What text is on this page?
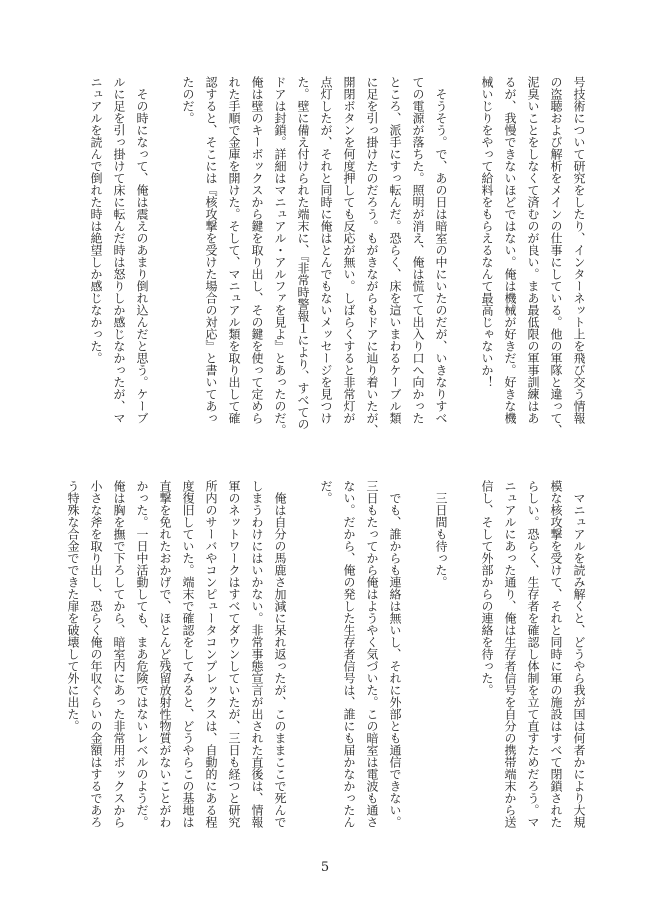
号技術について研究をしたり、インターネット上を飛び交う情報
の盗聴および解析をメインの仕事にしている。他の軍隊と違って、
泥臭いことをしなくて済むのが良い。まあ最低限の軍事訓練はあ
るが、我慢できないほどではない。俺は機械が好きだ。好きな機
械いじりをやって給料をもらえるなんて最高じゃないか！
　そうそう。で、あの日は暗室の中にいたのだが、いきなりすべ
ての電源が落ちた。照明が消え、俺は慌てて出入り口へ向かった
ところ、派手にすっ転んだ。恐らく、床を這いまわるケーブル類
に足を引っ掛けたのだろう。もがきながらもドアに辿り着いたが、
開閉ボタンを何度押しても反応が無い。しばらくすると非常灯が
点灯したが、それと同時に俺はとんでもないメッセージを見つけ
た。壁に備え付けられた端末に、『非常時警報１により、すべての
ドアは封鎖。詳細はマニュアル・アルファを見よ』とあったのだ。
俺は壁のキーボックスから鍵を取り出し、その鍵を使って定めら
れた手順で金庫を開けた。そして、マニュアル類を取り出して確
認すると、そこには『核攻撃を受けた場合の対応』と書いてあっ
たのだ。
　その時になって、俺は震えのあまり倒れ込んだと思う。ケーブ
ルに足を引っ掛けて床に転んだ時は怒りしか感じなかったが、マ
ニュアルを読んで倒れた時は絶望しか感じなかった。
　マニュアルを読み解くと、どうやら我が国は何者かにより大規
模な核攻撃を受けて、それと同時に軍の施設はすべて閉鎖された
らしい。恐らく、生存者を確認し体制を立て直すためだろう。マ
ニュアルにあった通り、俺は生存者信号を自分の携帯端末から送
信し、そして外部からの連絡を待った。
　三日間も待った。
　でも、誰からも連絡は無いし、それに外部とも通信できない。
三日もたってから俺はようやく気づいた。この暗室は電波も通さ
ない。だから、俺の発した生存者信号は、誰にも届かなかったん
だ。
　俺は自分の馬鹿さ加減に呆れ返ったが、このままここで死んで
しまうわけにはいかない。非常事態宣言が出された直後は、情報
軍のネットワークはすべてダウンしていたが、三日も経つと研究
所内のサーバやコンピュータコンプレックスは、自動的にある程
度復旧していた。端末で確認をしてみると、どうやらこの基地は
直撃を免れたおかげで、ほとんど残留放射性物質がないことがわ
かった。一日中活動しても、まあ危険ではないレベルのようだ。
俺は胸を撫で下ろしてから、暗室内にあった非常用ボックスから
小さな斧を取り出し、恐らく俺の年収ぐらいの金額はするであろ
う特殊な合金でできた扉を破壊して外に出た。
5
